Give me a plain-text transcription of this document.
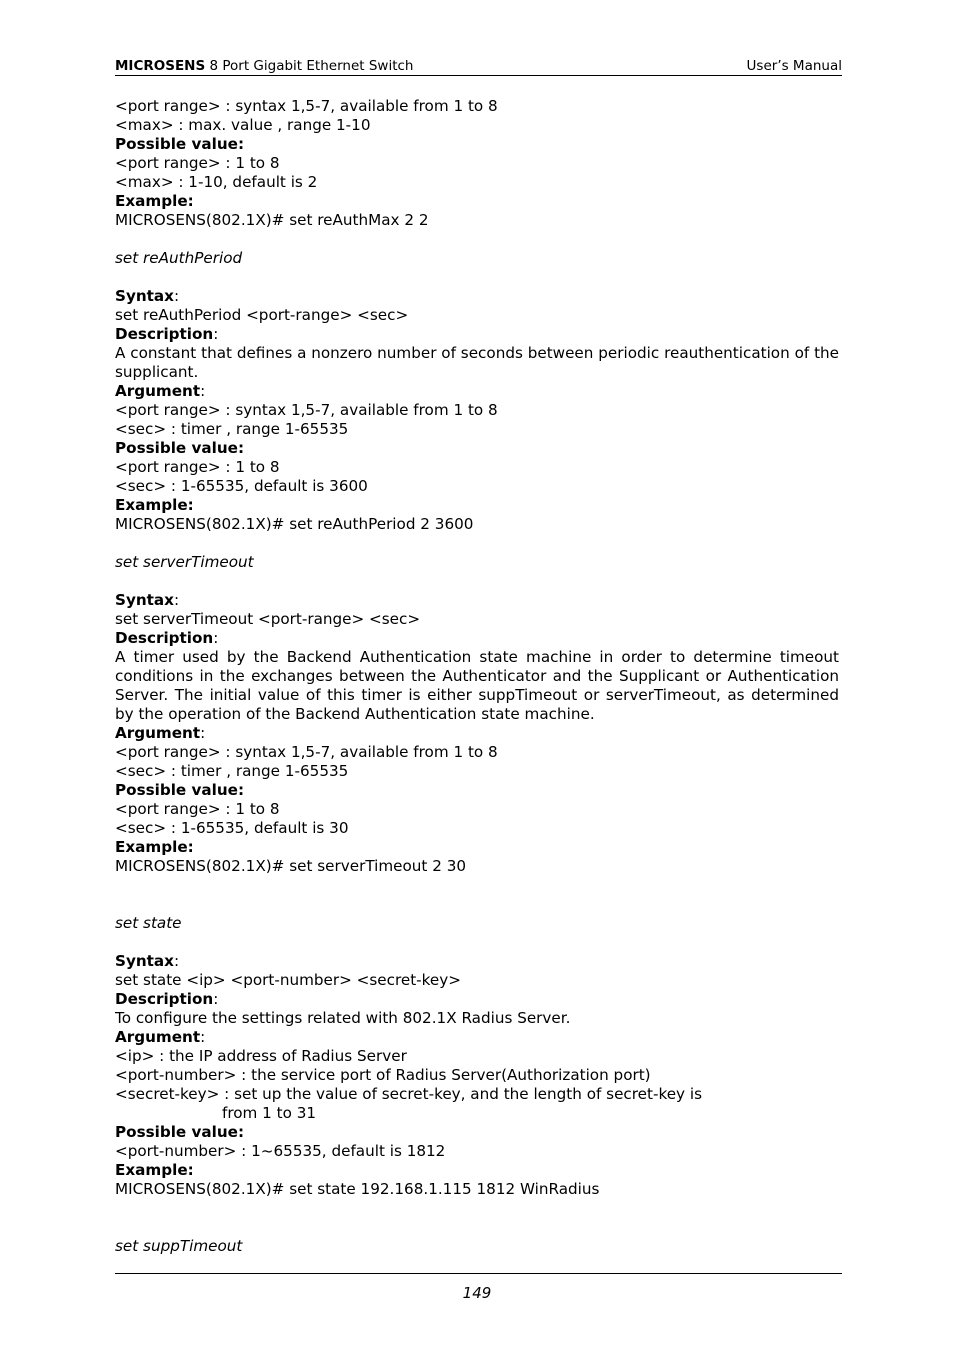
MICROSENS 8 Port Gigabit Ethernet Switch	User’s Manual
<port range> : syntax 1,5-7, available from 1 to 8
<max> : max. value , range 1-10
Possible value:
<port range> : 1 to 8
<max> : 1-10, default is 2
Example:
MICROSENS(802.1X)# set reAuthMax 2 2
set reAuthPeriod
Syntax:
set reAuthPeriod <port-range> <sec>
Description:
A constant that defines a nonzero number of seconds between periodic reauthentication of the supplicant.
Argument:
<port range> : syntax 1,5-7, available from 1 to 8
<sec> : timer , range 1-65535
Possible value:
<port range> : 1 to 8
<sec> : 1-65535, default is 3600
Example:
MICROSENS(802.1X)# set reAuthPeriod 2 3600
set serverTimeout
Syntax:
set serverTimeout <port-range> <sec>
Description:
A timer used by the Backend Authentication state machine in order to determine timeout conditions in the exchanges between the Authenticator and the Supplicant or Authentication Server. The initial value of this timer is either suppTimeout or serverTimeout, as determined by the operation of the Backend Authentication state machine.
Argument:
<port range> : syntax 1,5-7, available from 1 to 8
<sec> : timer , range 1-65535
Possible value:
<port range> : 1 to 8
<sec> : 1-65535, default is 30
Example:
MICROSENS(802.1X)# set serverTimeout 2 30
set state
Syntax:
set state <ip> <port-number> <secret-key>
Description:
To configure the settings related with 802.1X Radius Server.
Argument:
<ip> : the IP address of Radius Server
<port-number> : the service port of Radius Server(Authorization port)
<secret-key> : set up the value of secret-key, and the length of secret-key is
from 1 to 31
Possible value:
<port-number> : 1~65535, default is 1812
Example:
MICROSENS(802.1X)# set state 192.168.1.115 1812 WinRadius
set suppTimeout
149
